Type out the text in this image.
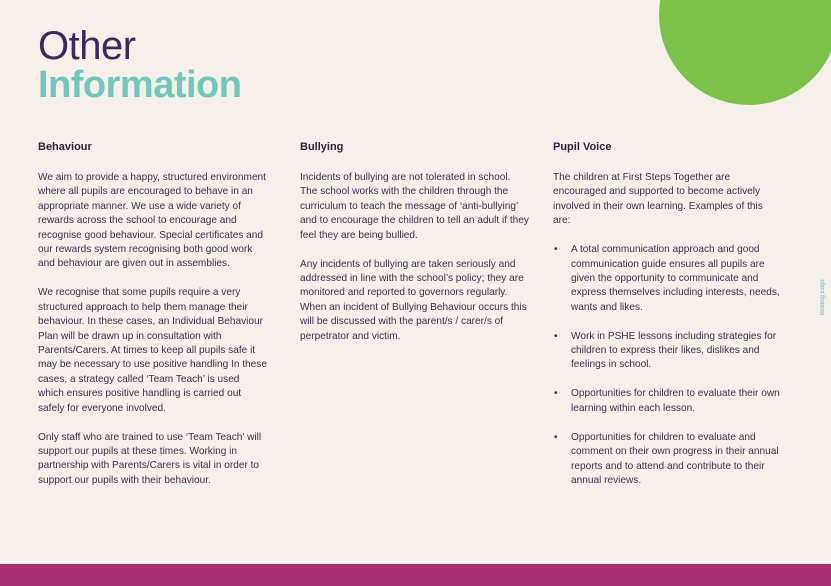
Other
Information
Behaviour

We aim to provide a happy, structured environment where all pupils are encouraged to behave in an appropriate manner. We use a wide variety of rewards across the school to encourage and recognise good behaviour. Special certificates and our rewards system recognising both good work and behaviour are given out in assemblies.

We recognise that some pupils require a very structured approach to help them manage their behaviour. In these cases, an Individual Behaviour Plan will be drawn up in consultation with Parents/Carers. At times to keep all pupils safe it may be necessary to use positive handling In these cases, a strategy called ‘Team Teach’ is used which ensures positive handling is carried out safely for everyone involved.

Only staff who are trained to use ‘Team Teach’ will support our pupils at these times. Working in partnership with Parents/Carers is vital in order to support our pupils with their behaviour.

Bullying

Incidents of bullying are not tolerated in school. The school works with the children through the curriculum to teach the message of ‘anti-bullying’ and to encourage the children to tell an adult if they feel they are being bullied.

Any incidents of bullying are taken seriously and addressed in line with the school’s policy; they are monitored and reported to governors regularly. When an incident of Bullying Behaviour occurs this will be discussed with the parent/s / carer/s of perpetrator and victim.

Pupil Voice

The children at First Steps Together are encouraged and supported to become actively involved in their own learning. Examples of this are:

• A total communication approach and good communication guide ensures all pupils are given the opportunity to communicate and express themselves including interests, needs, wants and likes.
• Work in PSHE lessons including strategies for children to express their likes, dislikes and feelings in school.
• Opportunities for children to evaluate their own learning within each lesson.
• Opportunities for children to evaluate and comment on their own progress in their annual reports and to attend and contribute to their annual reviews.
Binding Edge
